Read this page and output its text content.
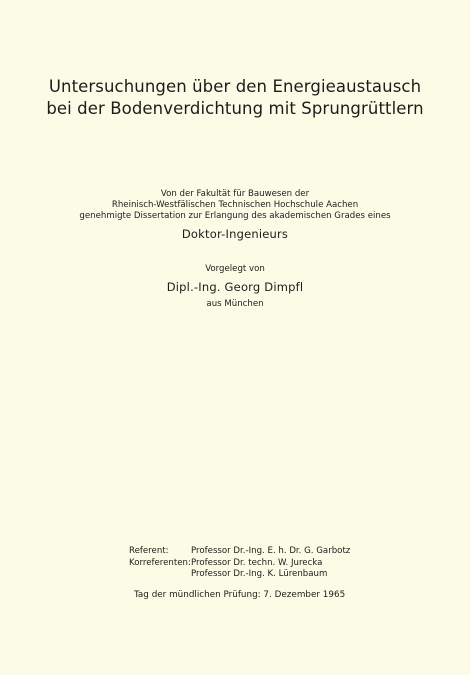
Untersuchungen über den Energieaustausch
bei der Bodenverdichtung mit Sprungrüttlern
Von der Fakultät für Bauwesen der
Rheinisch-Westfälischen Technischen Hochschule Aachen
genehmigte Dissertation zur Erlangung des akademischen Grades eines
Doktor-Ingenieurs
Vorgelegt von
Dipl.-Ing. Georg Dimpfl
aus München
Referent:	Professor Dr.-Ing. E. h. Dr. G. Garbotz
Korreferenten: Professor Dr. techn. W. Jurecka
Professor Dr.-Ing. K. Lürenbaum
Tag der mündlichen Prüfung: 7. Dezember 1965
